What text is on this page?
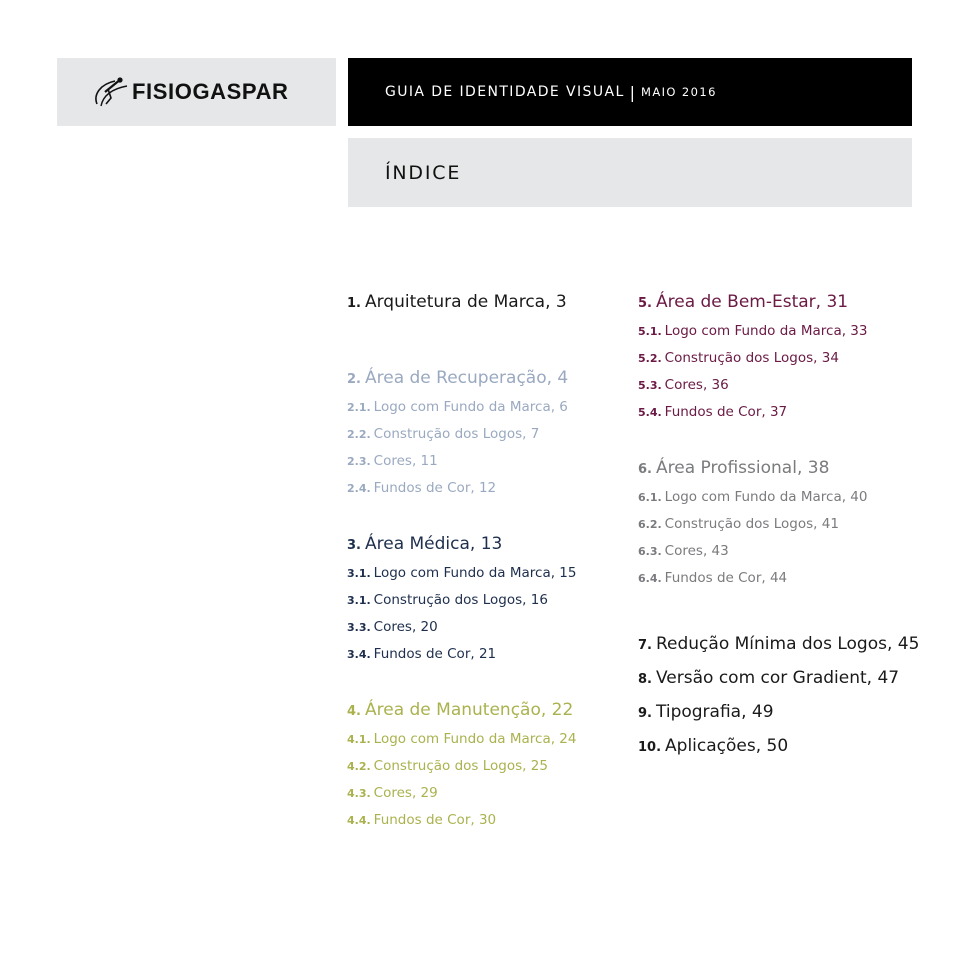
FISIOGASPAR	GUIA DE IDENTIDADE VISUAL | MAIO 2016
ÍNDICE
1. Arquitetura de Marca, 3
2. Área de Recuperação, 4
2.1. Logo com Fundo da Marca, 6
2.2. Construção dos Logos, 7
2.3. Cores, 11
2.4. Fundos de Cor, 12
3. Área Médica, 13
3.1. Logo com Fundo da Marca, 15
3.1. Construção dos Logos, 16
3.3. Cores, 20
3.4. Fundos de Cor, 21
4. Área de Manutenção, 22
4.1. Logo com Fundo da Marca, 24
4.2. Construção dos Logos, 25
4.3. Cores, 29
4.4. Fundos de Cor, 30
5. Área de Bem-Estar, 31
5.1. Logo com Fundo da Marca, 33
5.2. Construção dos Logos, 34
5.3. Cores, 36
5.4. Fundos de Cor, 37
6. Área Profissional, 38
6.1. Logo com Fundo da Marca, 40
6.2. Construção dos Logos, 41
6.3. Cores, 43
6.4. Fundos de Cor, 44
7. Redução Mínima dos Logos, 45
8. Versão com cor Gradient, 47
9. Tipografia, 49
10. Aplicações, 50
